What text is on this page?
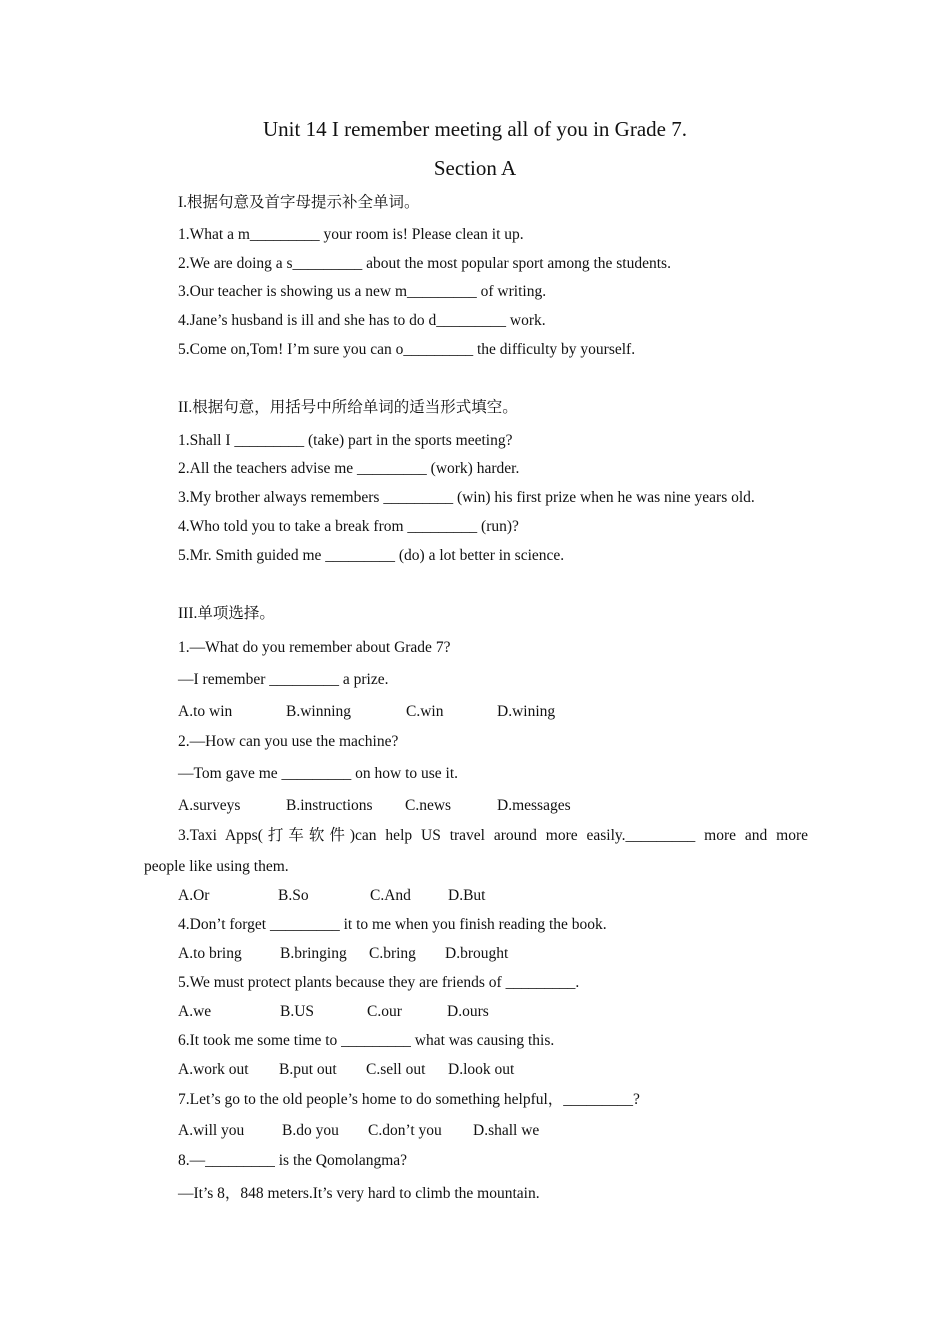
Unit 14 I remember meeting all of you in Grade 7.
Section A
I.根据句意及首字母提示补全单词。
1.What a m_________ your room is! Please clean it up.
2.We are doing a s_________ about the most popular sport among the students.
3.Our teacher is showing us a new m_________ of writing.
4.Jane’s husband is ill and she has to do d_________ work.
5.Come on,Tom! I’m sure you can o_________ the difficulty by yourself.
II.根据句意，用括号中所给单词的适当形式填空。
1.Shall I _________ (take) part in the sports meeting?
2.All the teachers advise me _________ (work) harder.
3.My brother always remembers _________ (win) his first prize when he was nine years old.
4.Who told you to take a break from _________ (run)?
5.Mr. Smith guided me _________ (do) a lot better in science.
III.单项选择。
1.—What do you remember about Grade 7?
—I remember _________ a prize.
A.to win	B.winning	C.win	D.wining
2.—How can you use the machine?
—Tom gave me _________ on how to use it.
A.surveys	B.instructions C.news	D.messages
3.Taxi Apps(打车软件)can help US travel around more easily._________ more and more
people like using them.
A.Or	B.So	C.And D.But
4.Don’t forget _________ it to me when you finish reading the book.
A.to bring B.bringing C.bring D.brought
5.We must protect plants because they are friends of _________.
A.we	B.US	C.our	D.ours
6.It took me some time to _________ what was causing this.
A.work out B.put out C.sell out D.look out
7.Let’s go to the old people’s home to do something helpful，_________?
A.will you B.do you C.don’t you D.shall we
8.—_________ is the Qomolangma?
—It’s 8，848 meters.It’s very hard to climb the mountain.
